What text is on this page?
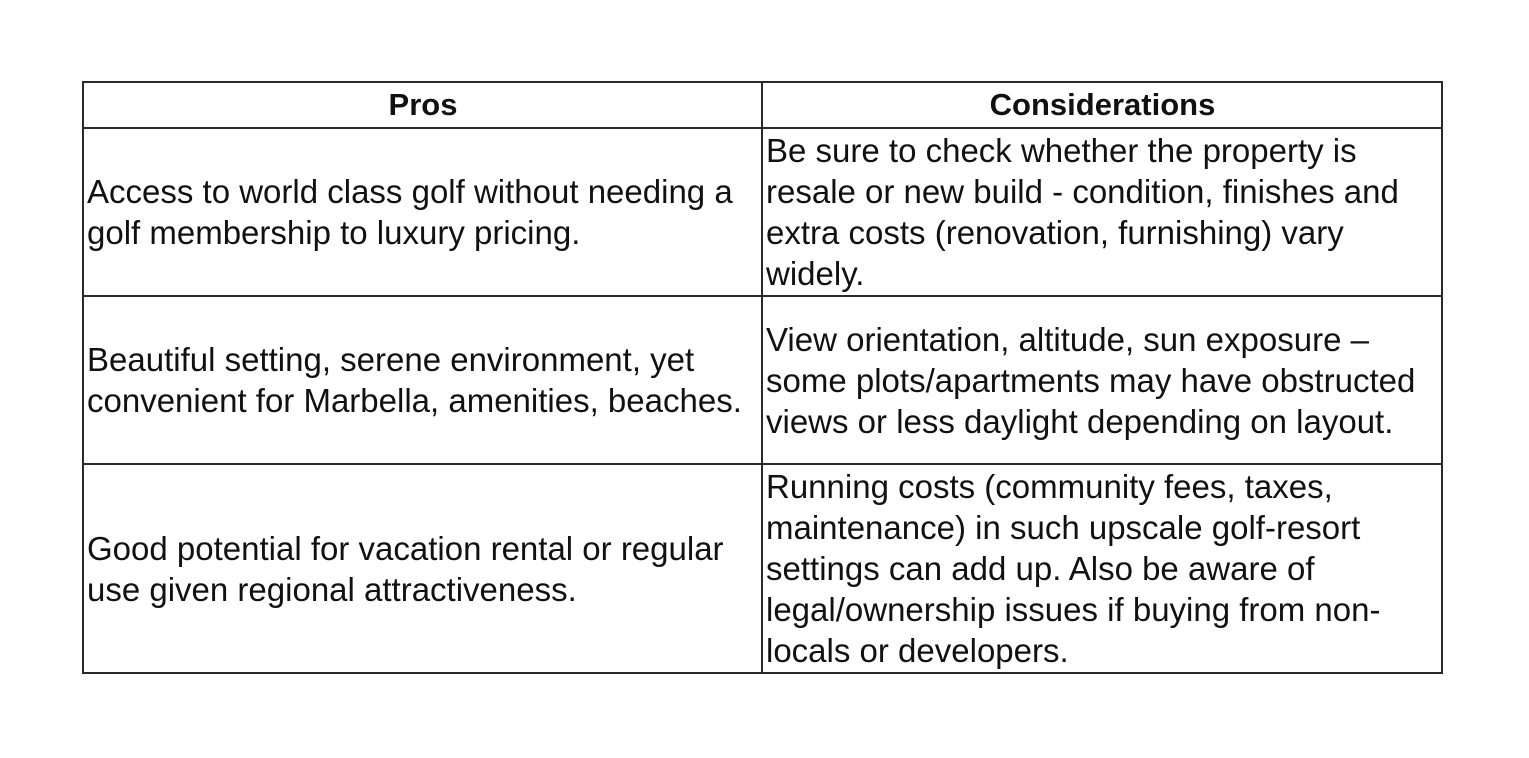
Pros	Considerations
Access to world class golf without needing a golf membership to luxury pricing.	Be sure to check whether the property is resale or new build - condition, finishes and extra costs (renovation, furnishing) vary widely.
Beautiful setting, serene environment, yet convenient for Marbella, amenities, beaches.	View orientation, altitude, sun exposure – some plots/apartments may have obstructed views or less daylight depending on layout.
Good potential for vacation rental or regular use given regional attractiveness.	Running costs (community fees, taxes, maintenance) in such upscale golf-resort settings can add up. Also be aware of legal/ownership issues if buying from non-locals or developers.
